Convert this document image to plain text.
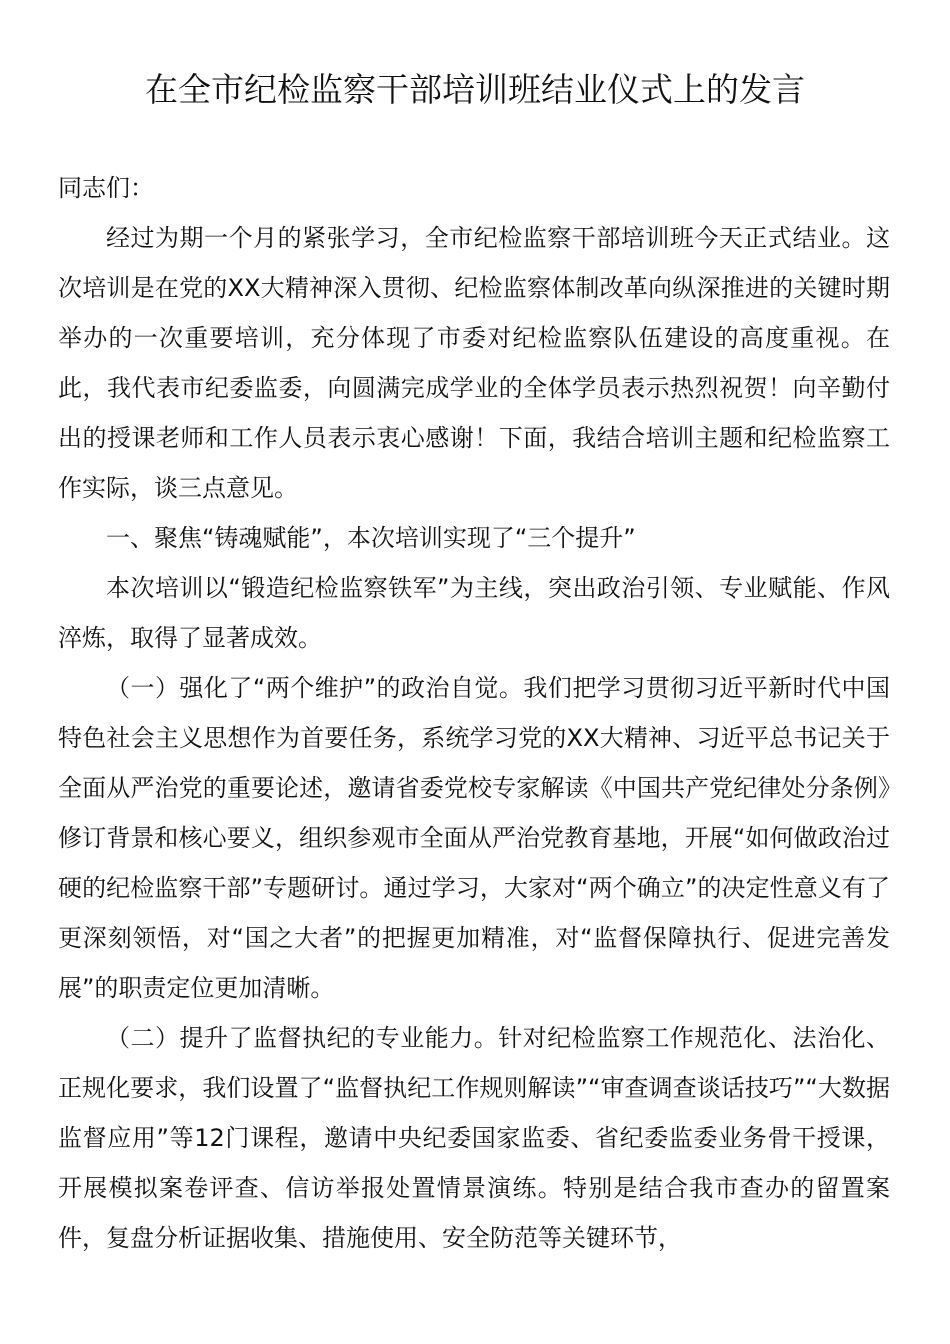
在全市纪检监察干部培训班结业仪式上的发言

同志们：

经过为期一个月的紧张学习，全市纪检监察干部培训班今天正式结业。这次培训是在党的XX大精神深入贯彻、纪检监察体制改革向纵深推进的关键时期举办的一次重要培训，充分体现了市委对纪检监察队伍建设的高度重视。在此，我代表市纪委监委，向圆满完成学业的全体学员表示热烈祝贺！向辛勤付出的授课老师和工作人员表示衷心感谢！下面，我结合培训主题和纪检监察工作实际，谈三点意见。

一、聚焦“铸魂赋能”，本次培训实现了“三个提升”

本次培训以“锻造纪检监察铁军”为主线，突出政治引领、专业赋能、作风淬炼，取得了显著成效。

（一）强化了“两个维护”的政治自觉。我们把学习贯彻习近平新时代中国特色社会主义思想作为首要任务，系统学习党的XX大精神、习近平总书记关于全面从严治党的重要论述，邀请省委党校专家解读《中国共产党纪律处分条例》修订背景和核心要义，组织参观市全面从严治党教育基地，开展“如何做政治过硬的纪检监察干部”专题研讨。通过学习，大家对“两个确立”的决定性意义有了更深刻领悟，对“国之大者”的把握更加精准，对“监督保障执行、促进完善发展”的职责定位更加清晰。

（二）提升了监督执纪的专业能力。针对纪检监察工作规范化、法治化、正规化要求，我们设置了“监督执纪工作规则解读”“审查调查谈话技巧”“大数据监督应用”等12门课程，邀请中央纪委国家监委、省纪委监委业务骨干授课，开展模拟案卷评查、信访举报处置情景演练。特别是结合我市查办的留置案件，复盘分析证据收集、措施使用、安全防范等关键环节，
